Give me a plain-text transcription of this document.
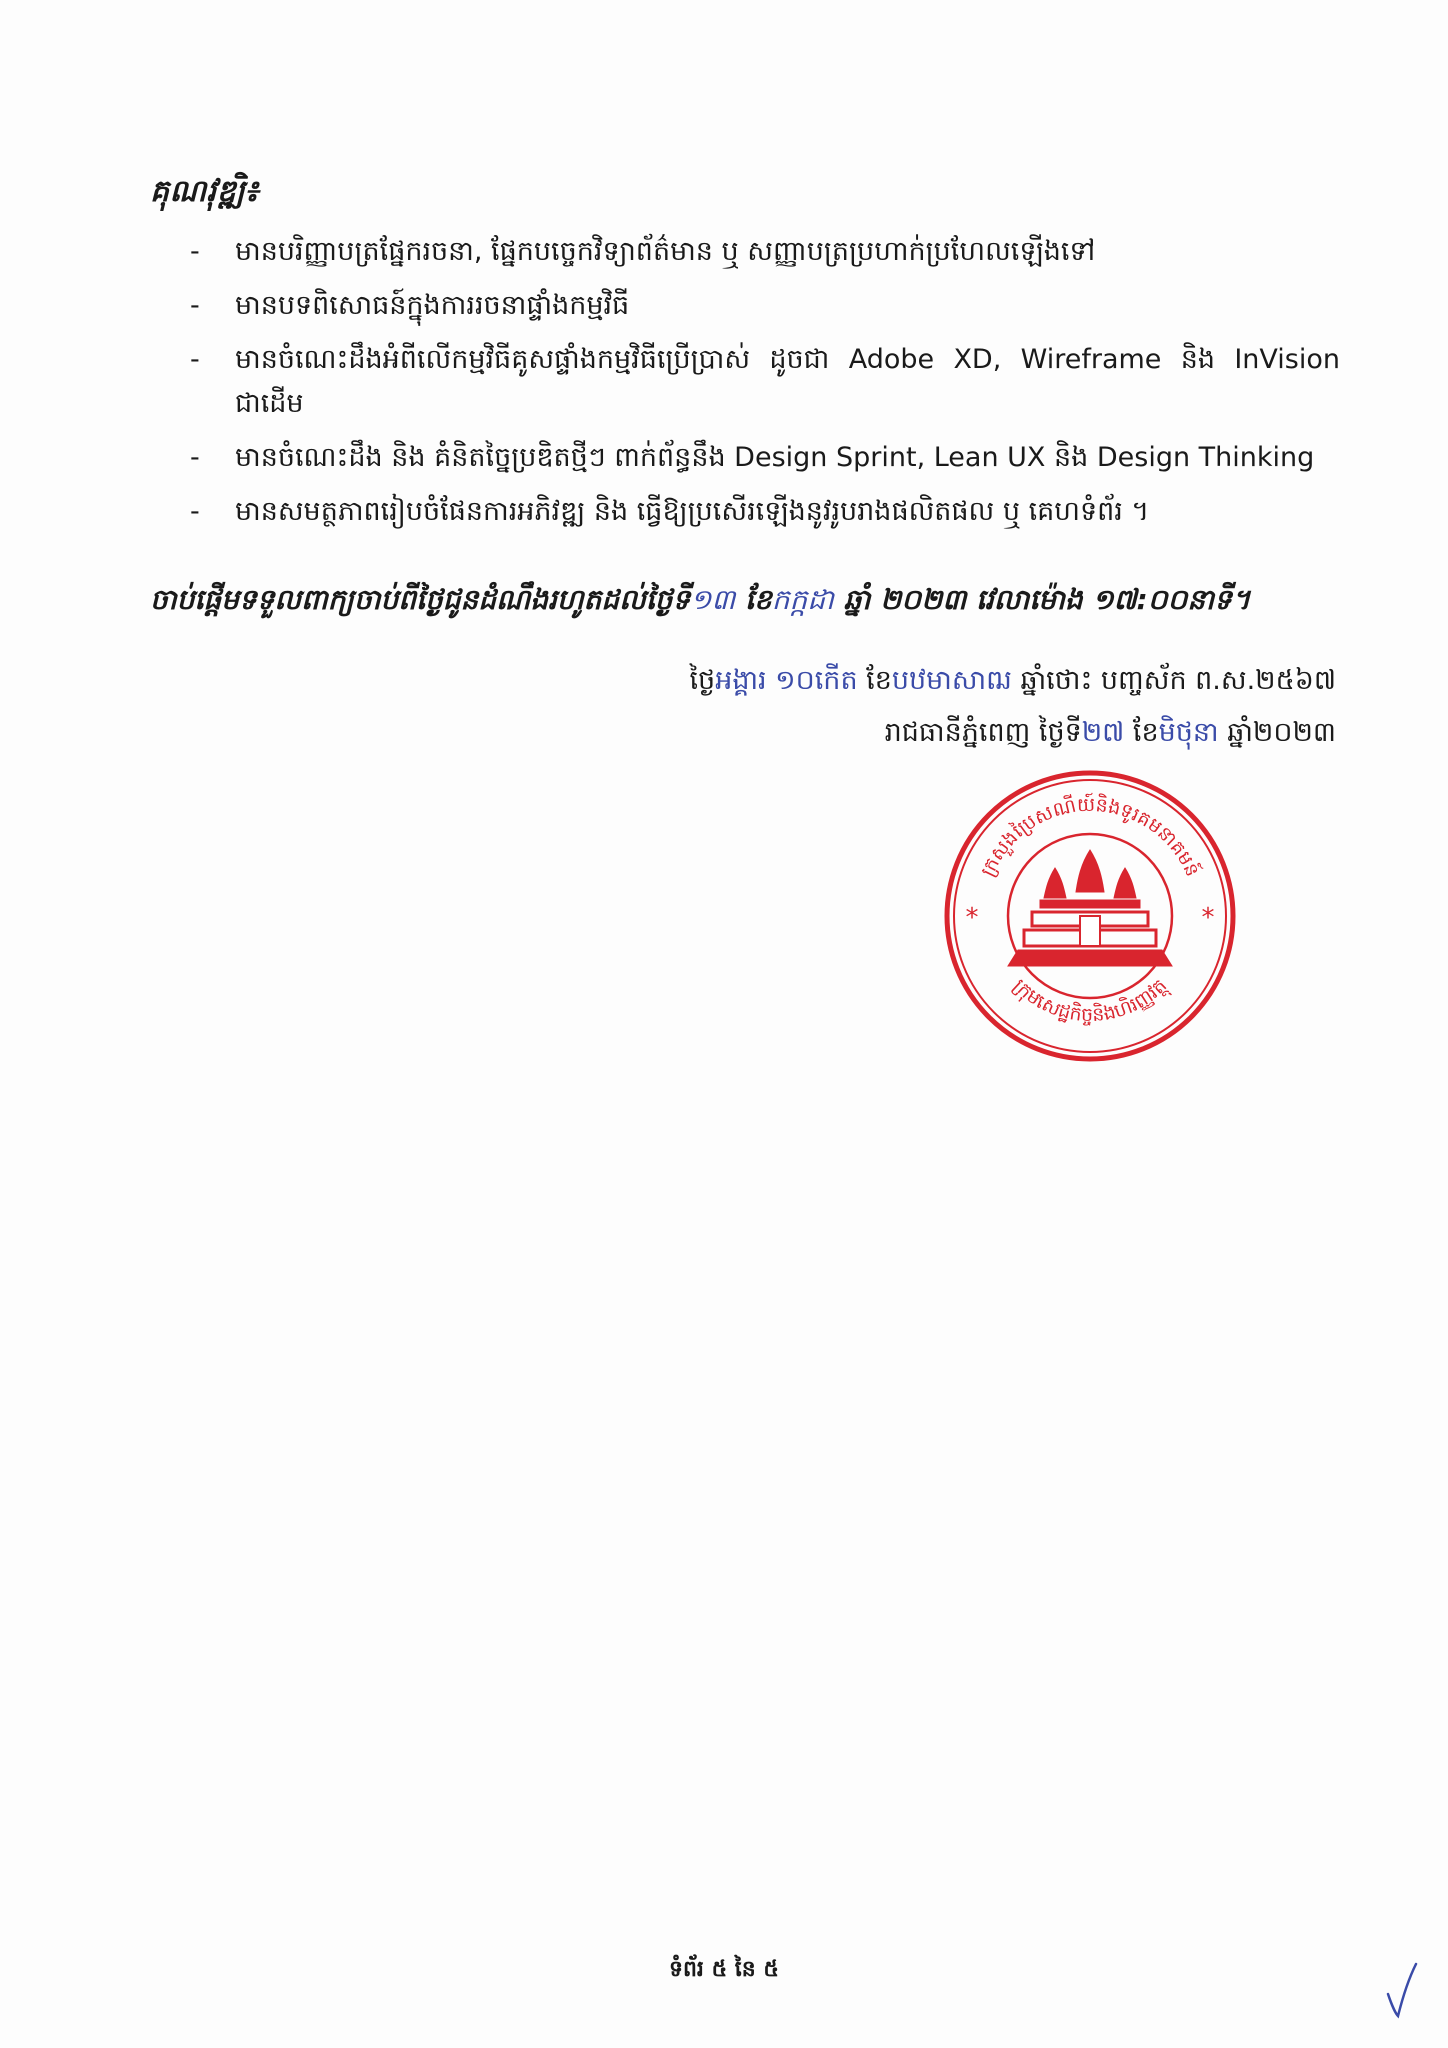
គុណវុឌ្ឍិ៖
-	មានបរិញ្ញាបត្រផ្នែករចនា, ផ្នែកបច្ចេកវិទ្យាព័ត៌មាន ឬ សញ្ញាបត្រប្រហាក់ប្រហែលឡើងទៅ
-	មានបទពិសោធន៍ក្នុងការរចនាផ្ទាំងកម្មវិធី
-	មានចំណេះដឹងអំពីលើកម្មវិធីគូសផ្ទាំងកម្មវិធីប្រើប្រាស់ ដូចជា Adobe XD, Wireframe និង InVision ជាដើម
-	មានចំណេះដឹង និង គំនិតច្នៃប្រឌិតថ្មីៗ ពាក់ព័ន្ធនឹង Design Sprint, Lean UX និង Design Thinking
-	មានសមត្ថភាពរៀបចំផែនការអភិវឌ្ឍ និង ធ្វើឱ្យប្រសើរឡើងនូវរូបរាងផលិតផល ឬ គេហទំព័រ ។
ចាប់ផ្តើមទទួលពាក្យចាប់ពីថ្ងៃជូនដំណឹងរហូតដល់ថ្ងៃទី១៣ ខែកក្កដា ឆ្នាំ ២០២៣ វេលាម៉ោង ១៧:០០នាទី។
ថ្ងៃអង្គារ ១០កើត ខែបឋមាសាឍ ឆ្នាំថោះ បញ្ចស័ក ព.ស.២៥៦៧
រាជធានីភ្នំពេញ ថ្ងៃទី២៧ ខែមិថុនា ឆ្នាំ២០២៣
ក្រសួងប្រៃសណីយ៍និងទូរគមនាគមន៍
ក្រុមសេដ្ឋកិច្ចនិងហិរញ្ញវត្ថុ
*	*
ទំព័រ ៥ នៃ ៥
